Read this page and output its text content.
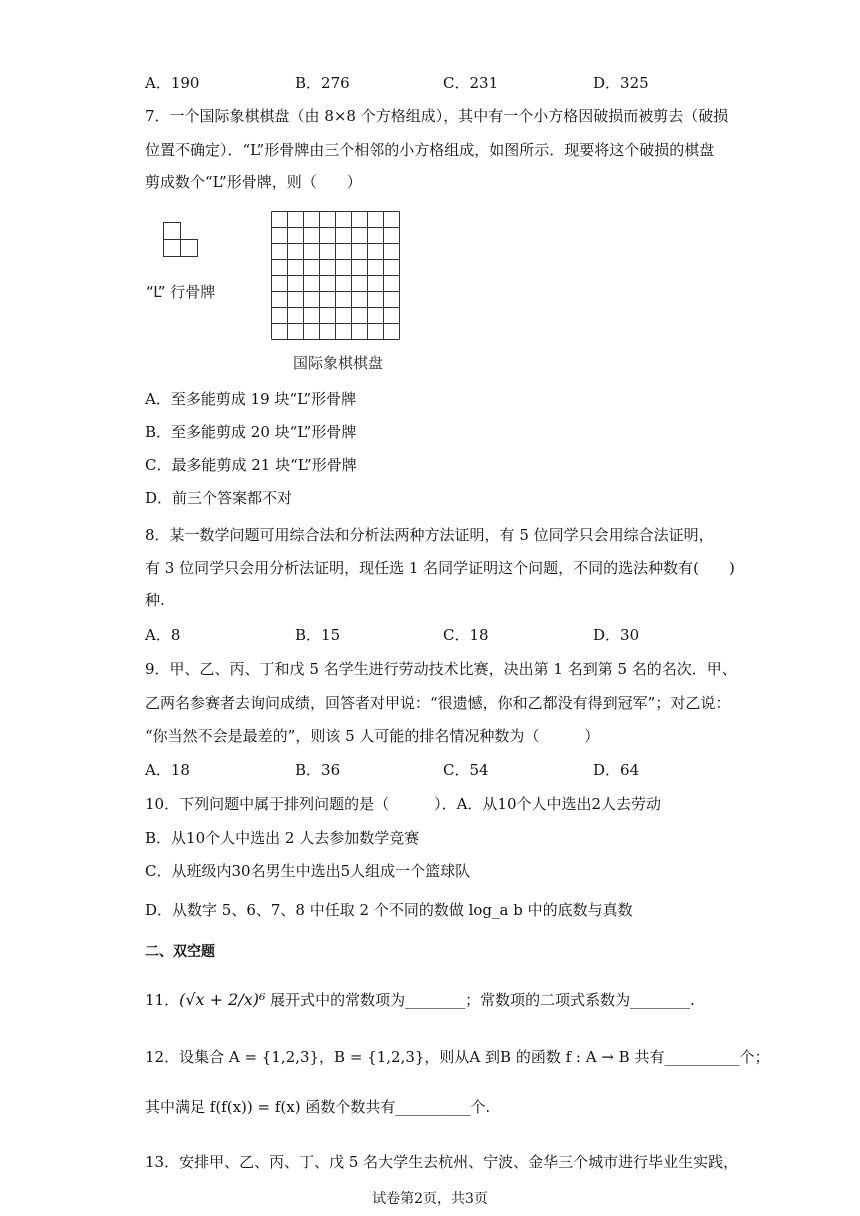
A．190	B．276	C．231	D．325
7．一个国际象棋棋盘（由 8×8 个方格组成），其中有一个小方格因破损而被剪去（破损
位置不确定）．“L”形骨牌由三个相邻的小方格组成，如图所示．现要将这个破损的棋盘
剪成数个“L”形骨牌，则（　　）
“L” 行骨牌
国际象棋棋盘
A．至多能剪成 19 块“L”形骨牌
B．至多能剪成 20 块“L”形骨牌
C．最多能剪成 21 块“L”形骨牌
D．前三个答案都不对
8．某一数学问题可用综合法和分析法两种方法证明，有 5 位同学只会用综合法证明，
有 3 位同学只会用分析法证明，现任选 1 名同学证明这个问题，不同的选法种数有(　　)
种.
A．8	B．15	C．18	D．30
9．甲、乙、丙、丁和戊 5 名学生进行劳动技术比赛，决出第 1 名到第 5 名的名次．甲、
乙两名参赛者去询问成绩，回答者对甲说：“很遗憾，你和乙都没有得到冠军”；对乙说：
“你当然不会是最差的”，则该 5 人可能的排名情况种数为（　　　）
A．18	B．36	C．54	D．64
10．下列问题中属于排列问题的是（　　　）．A．从10个人中选出2人去劳动
B．从10个人中选出 2 人去参加数学竞赛
C．从班级内30名男生中选出5人组成一个篮球队
D．从数字 5、6、7、8 中任取 2 个不同的数做 log_a b 中的底数与真数
二、双空题
11．(√x + 2/x)⁶ 展开式中的常数项为________；常数项的二项式系数为________.
12．设集合 A = {1,2,3}，B = {1,2,3}，则从A 到B 的函数 f : A → B 共有__________个；
其中满足 f(f(x)) = f(x) 函数个数共有__________个.
13．安排甲、乙、丙、丁、戊 5 名大学生去杭州、宁波、金华三个城市进行毕业生实践，
试卷第2页，共3页
